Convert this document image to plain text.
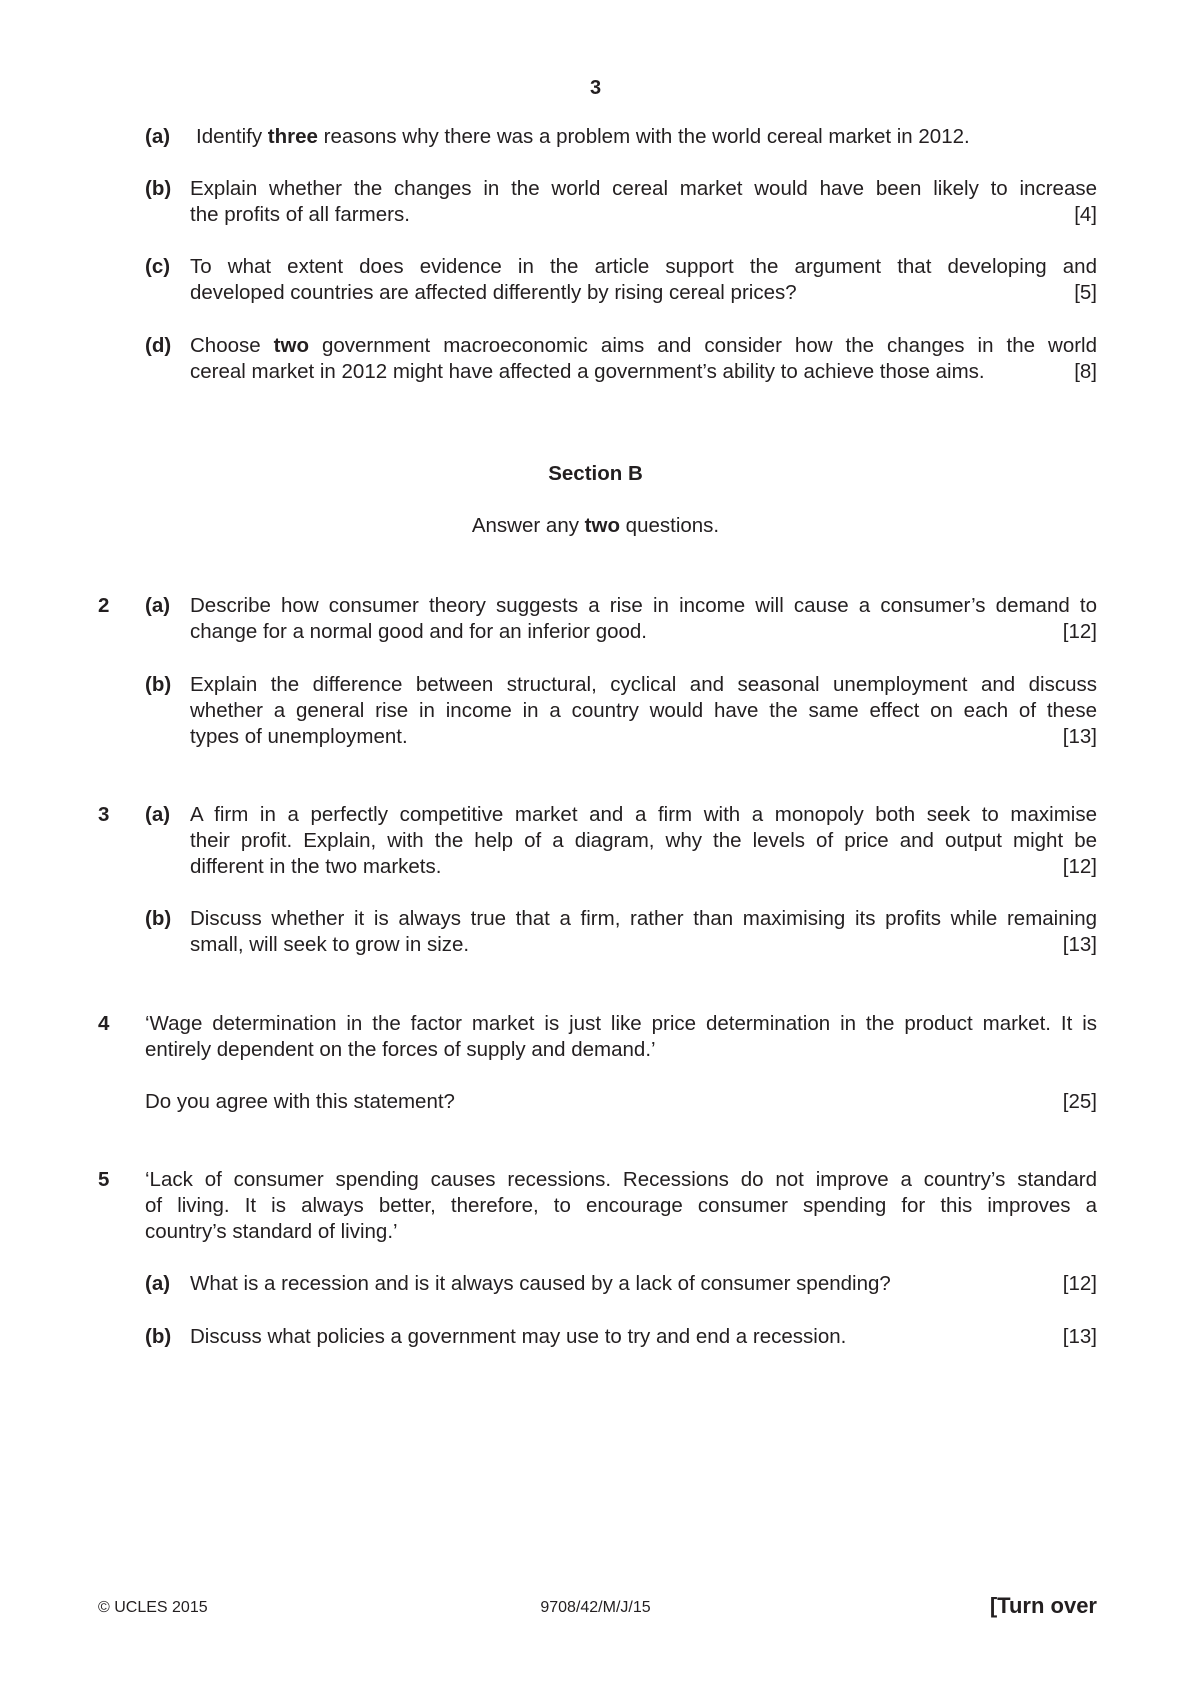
3
(a) Identify three reasons why there was a problem with the world cereal market in 2012.
(b) Explain whether the changes in the world cereal market would have been likely to increase
the profits of all farmers.	[4]
(c) To what extent does evidence in the article support the argument that developing and
developed countries are affected differently by rising cereal prices?	[5]
(d) Choose two government macroeconomic aims and consider how the changes in the world
cereal market in 2012 might have affected a government’s ability to achieve those aims.	[8]
Section B
Answer any two questions.
2 (a) Describe how consumer theory suggests a rise in income will cause a consumer’s demand to
change for a normal good and for an inferior good.	[12]
(b) Explain the difference between structural, cyclical and seasonal unemployment and discuss
whether a general rise in income in a country would have the same effect on each of these
types of unemployment.	[13]
3 (a) A firm in a perfectly competitive market and a firm with a monopoly both seek to maximise
their profit. Explain, with the help of a diagram, why the levels of price and output might be
different in the two markets.	[12]
(b) Discuss whether it is always true that a firm, rather than maximising its profits while remaining
small, will seek to grow in size.	[13]
4 ‘Wage determination in the factor market is just like price determination in the product market. It is
entirely dependent on the forces of supply and demand.’
Do you agree with this statement?	[25]
5 ‘Lack of consumer spending causes recessions. Recessions do not improve a country’s standard
of living. It is always better, therefore, to encourage consumer spending for this improves a
country’s standard of living.’
(a) What is a recession and is it always caused by a lack of consumer spending?	[12]
(b) Discuss what policies a government may use to try and end a recession.	[13]
© UCLES 2015	9708/42/M/J/15	[Turn over
